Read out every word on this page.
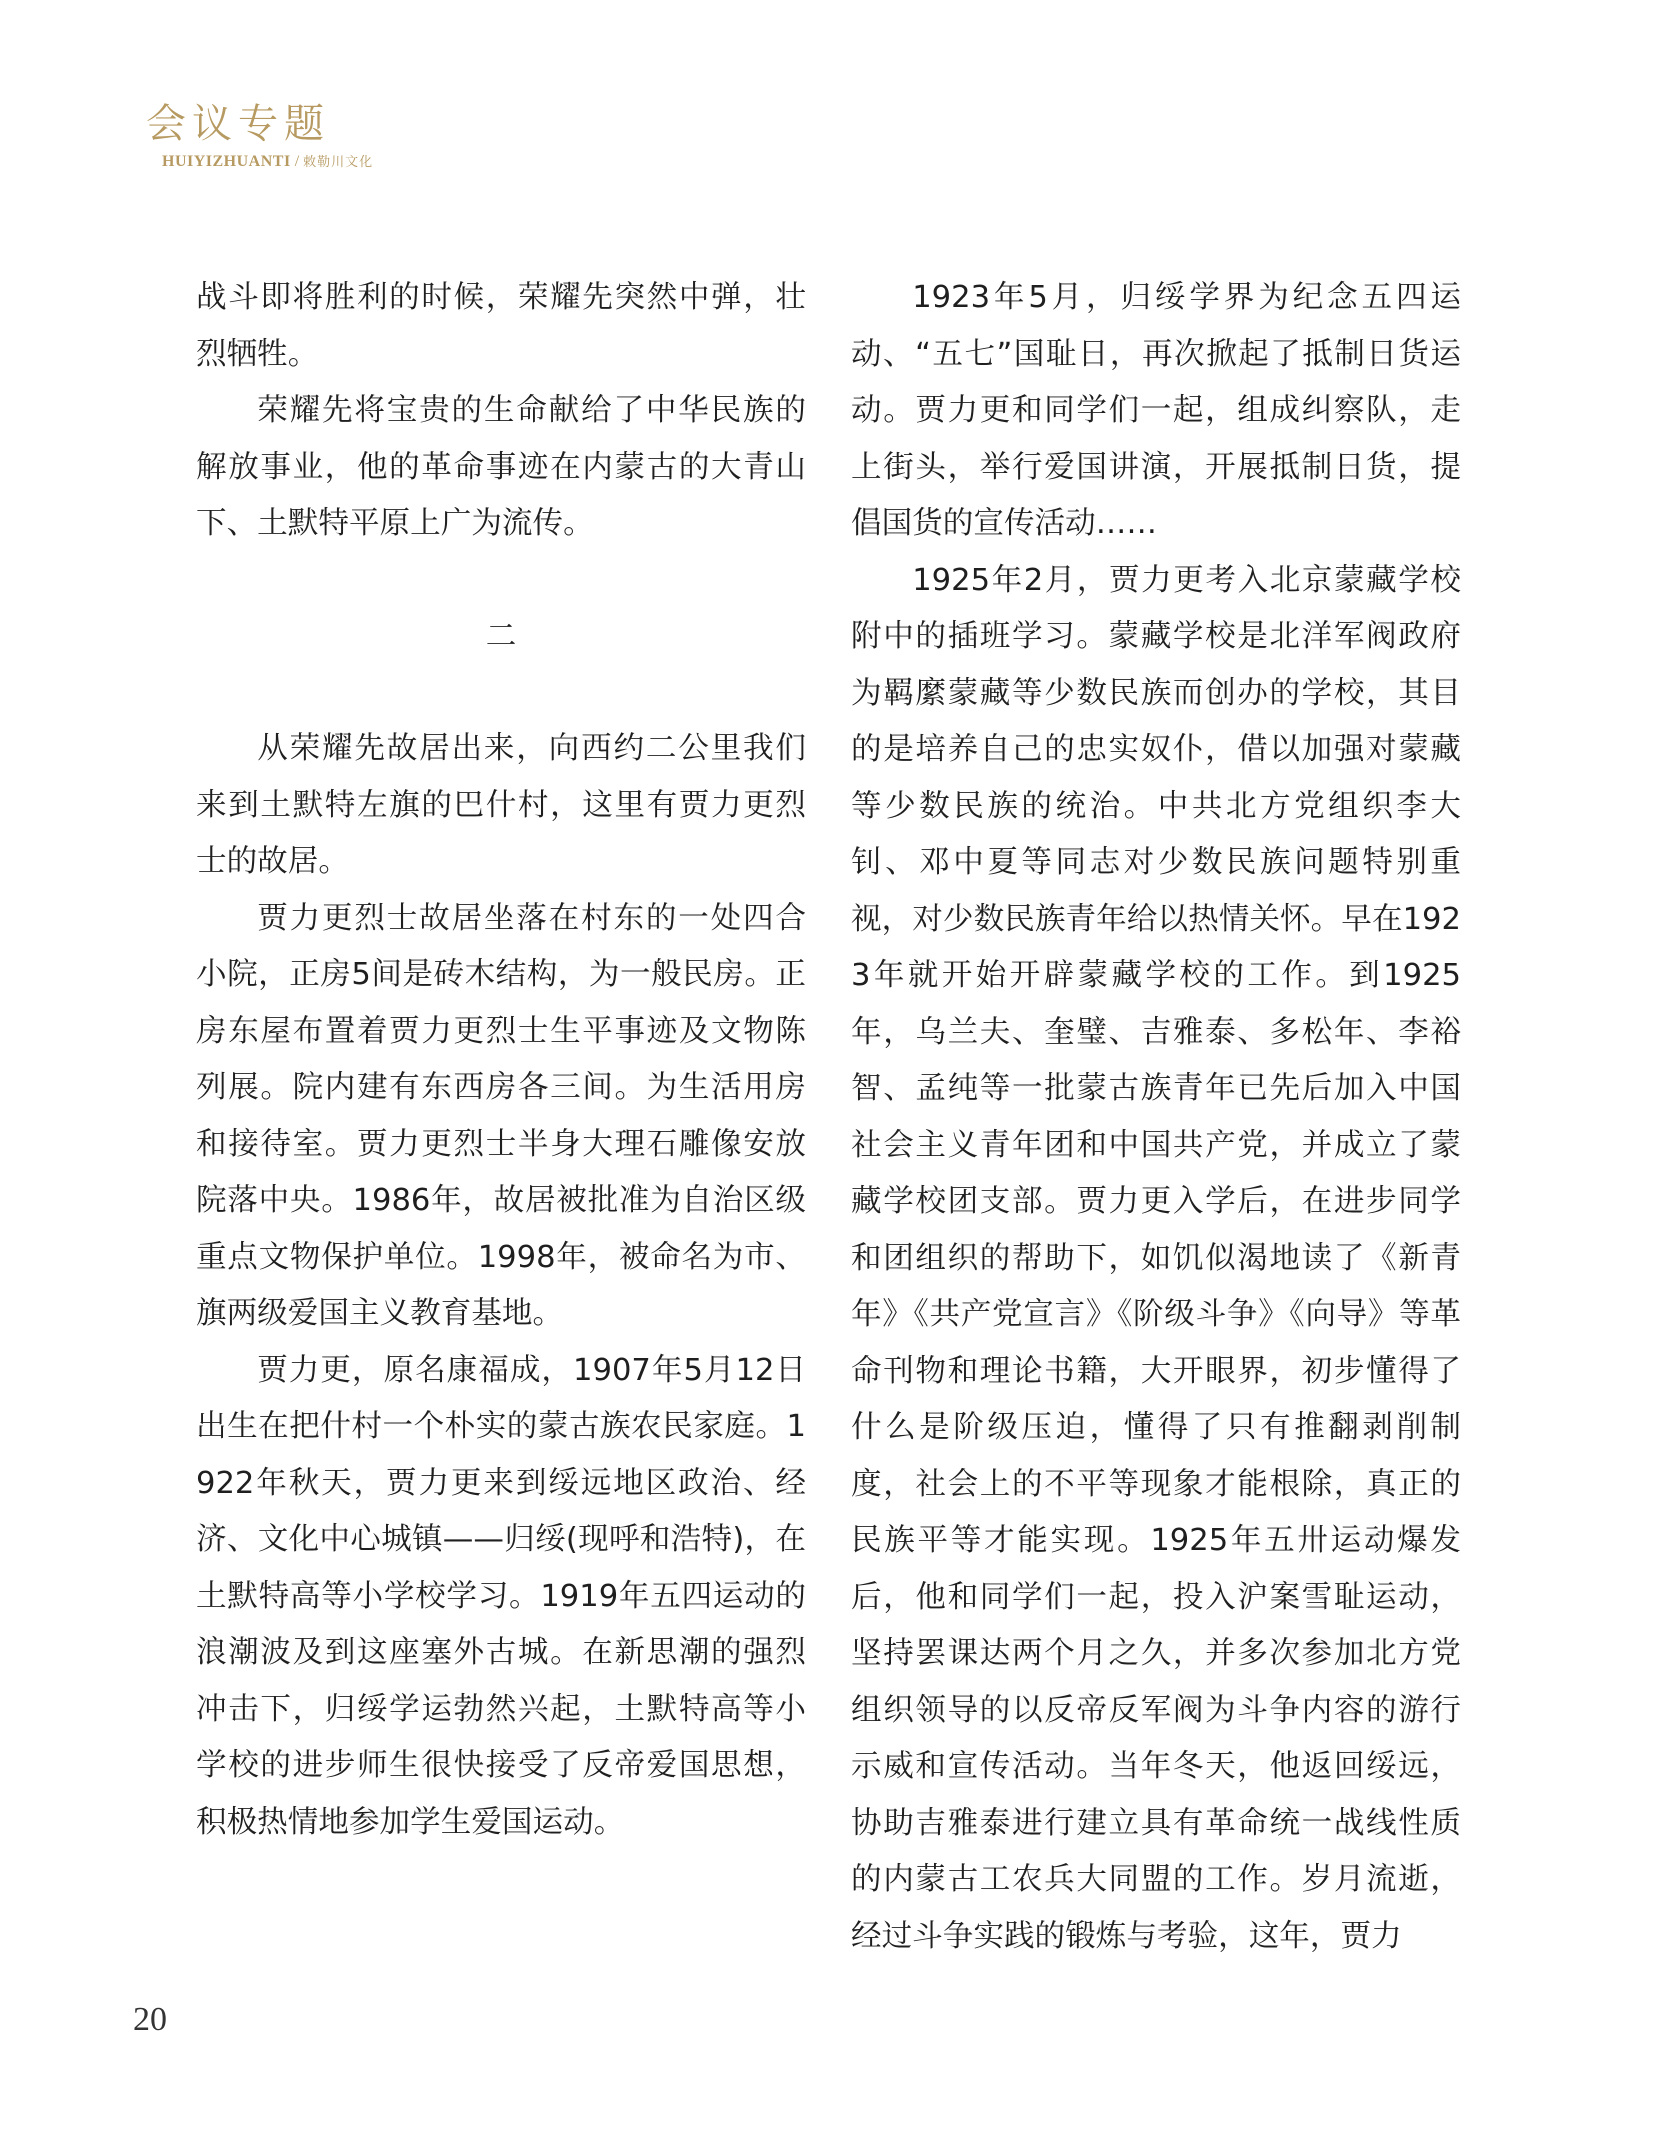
会议专题
HUIYIZHUANTI / 敕勒川文化

战斗即将胜利的时候，荣耀先突然中弹，壮烈牺牲。

荣耀先将宝贵的生命献给了中华民族的解放事业，他的革命事迹在内蒙古的大青山下、土默特平原上广为流传。

二

从荣耀先故居出来，向西约二公里我们来到土默特左旗的巴什村，这里有贾力更烈士的故居。

贾力更烈士故居坐落在村东的一处四合小院，正房5间是砖木结构，为一般民房。正房东屋布置着贾力更烈士生平事迹及文物陈列展。院内建有东西房各三间。为生活用房和接待室。贾力更烈士半身大理石雕像安放院落中央。1986年，故居被批准为自治区级重点文物保护单位。1998年，被命名为市、旗两级爱国主义教育基地。

贾力更，原名康福成，1907年5月12日出生在把什村一个朴实的蒙古族农民家庭。1922年秋天，贾力更来到绥远地区政治、经济、文化中心城镇——归绥(现呼和浩特)，在土默特高等小学校学习。1919年五四运动的浪潮波及到这座塞外古城。在新思潮的强烈冲击下，归绥学运勃然兴起，土默特高等小学校的进步师生很快接受了反帝爱国思想，积极热情地参加学生爱国运动。

1923年5月，归绥学界为纪念五四运动、“五七”国耻日，再次掀起了抵制日货运动。贾力更和同学们一起，组成纠察队，走上街头，举行爱国讲演，开展抵制日货，提倡国货的宣传活动……

1925年2月，贾力更考入北京蒙藏学校附中的插班学习。蒙藏学校是北洋军阀政府为羁縻蒙藏等少数民族而创办的学校，其目的是培养自己的忠实奴仆，借以加强对蒙藏等少数民族的统治。中共北方党组织李大钊、邓中夏等同志对少数民族问题特别重视，对少数民族青年给以热情关怀。早在1923年就开始开辟蒙藏学校的工作。到1925年，乌兰夫、奎璧、吉雅泰、多松年、李裕智、孟纯等一批蒙古族青年已先后加入中国社会主义青年团和中国共产党，并成立了蒙藏学校团支部。贾力更入学后，在进步同学和团组织的帮助下，如饥似渴地读了《新青年》《共产党宣言》《阶级斗争》《向导》等革命刊物和理论书籍，大开眼界，初步懂得了什么是阶级压迫，懂得了只有推翻剥削制度，社会上的不平等现象才能根除，真正的民族平等才能实现。1925年五卅运动爆发后，他和同学们一起，投入沪案雪耻运动，坚持罢课达两个月之久，并多次参加北方党组织领导的以反帝反军阀为斗争内容的游行示威和宣传活动。当年冬天，他返回绥远，协助吉雅泰进行建立具有革命统一战线性质的内蒙古工农兵大同盟的工作。岁月流逝，经过斗争实践的锻炼与考验，这年，贾力

20
